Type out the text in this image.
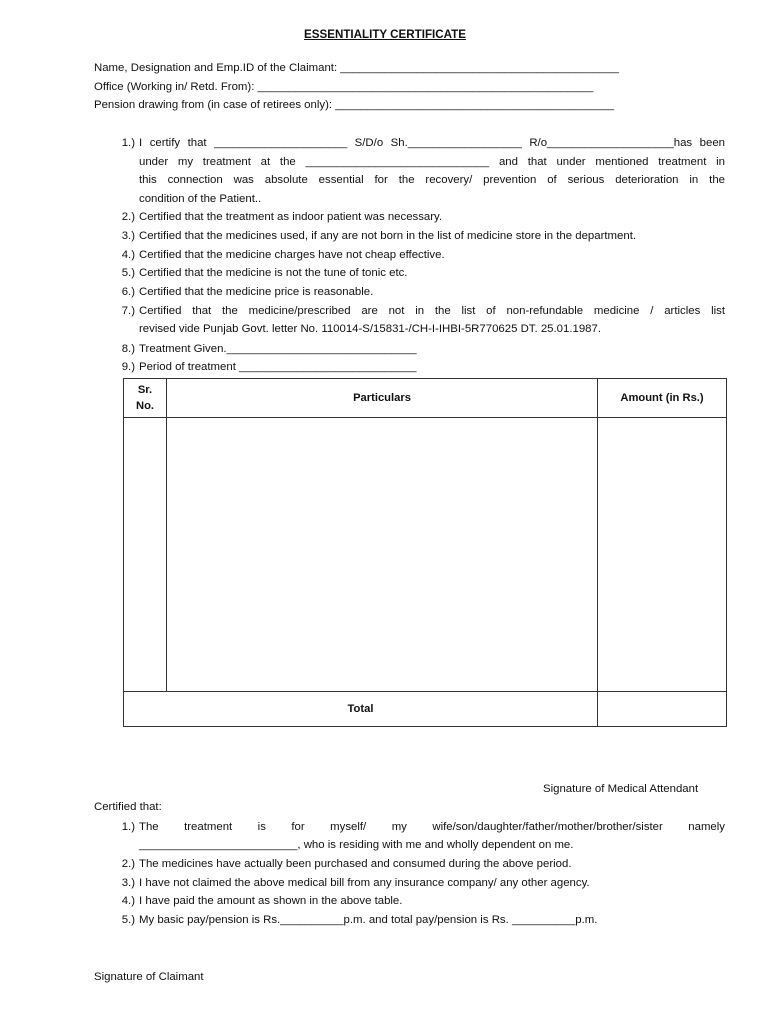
ESSENTIALITY CERTIFICATE
Name, Designation and Emp.ID of the Claimant: ____________________________________________
Office (Working in/ Retd. From): _____________________________________________________
Pension drawing from (in case of retirees only): ____________________________________________
1.) I certify that _____________________ S/D/o Sh.__________________ R/o____________________has been
under my treatment at the _____________________________ and that under mentioned treatment in
this connection was absolute essential for the recovery/ prevention of serious deterioration in the
condition of the Patient..
2.) Certified that the treatment as indoor patient was necessary.
3.) Certified that the medicines used, if any are not born in the list of medicine store in the department.
4.) Certified that the medicine charges have not cheap effective.
5.) Certified that the medicine is not the tune of tonic etc.
6.) Certified that the medicine price is reasonable.
7.) Certified that the medicine/prescribed are not in the list of non-refundable medicine / articles list
revised vide Punjab Govt. letter No. 110014-S/15831-/CH-I-IHBI-5R770625 DT. 25.01.1987.
8.) Treatment Given.______________________________
9.) Period of treatment ____________________________
Sr.
No.	Particulars	Amount (in Rs.)

Total		
Signature of Medical Attendant
Certified that:
1.) The treatment is for myself/ my wife/son/daughter/father/mother/brother/sister namely
_________________________, who is residing with me and wholly dependent on me.
2.) The medicines have actually been purchased and consumed during the above period.
3.) I have not claimed the above medical bill from any insurance company/ any other agency.
4.) I have paid the amount as shown in the above table.
5.) My basic pay/pension is Rs.__________p.m. and total pay/pension is Rs. __________p.m.
Signature of Claimant
